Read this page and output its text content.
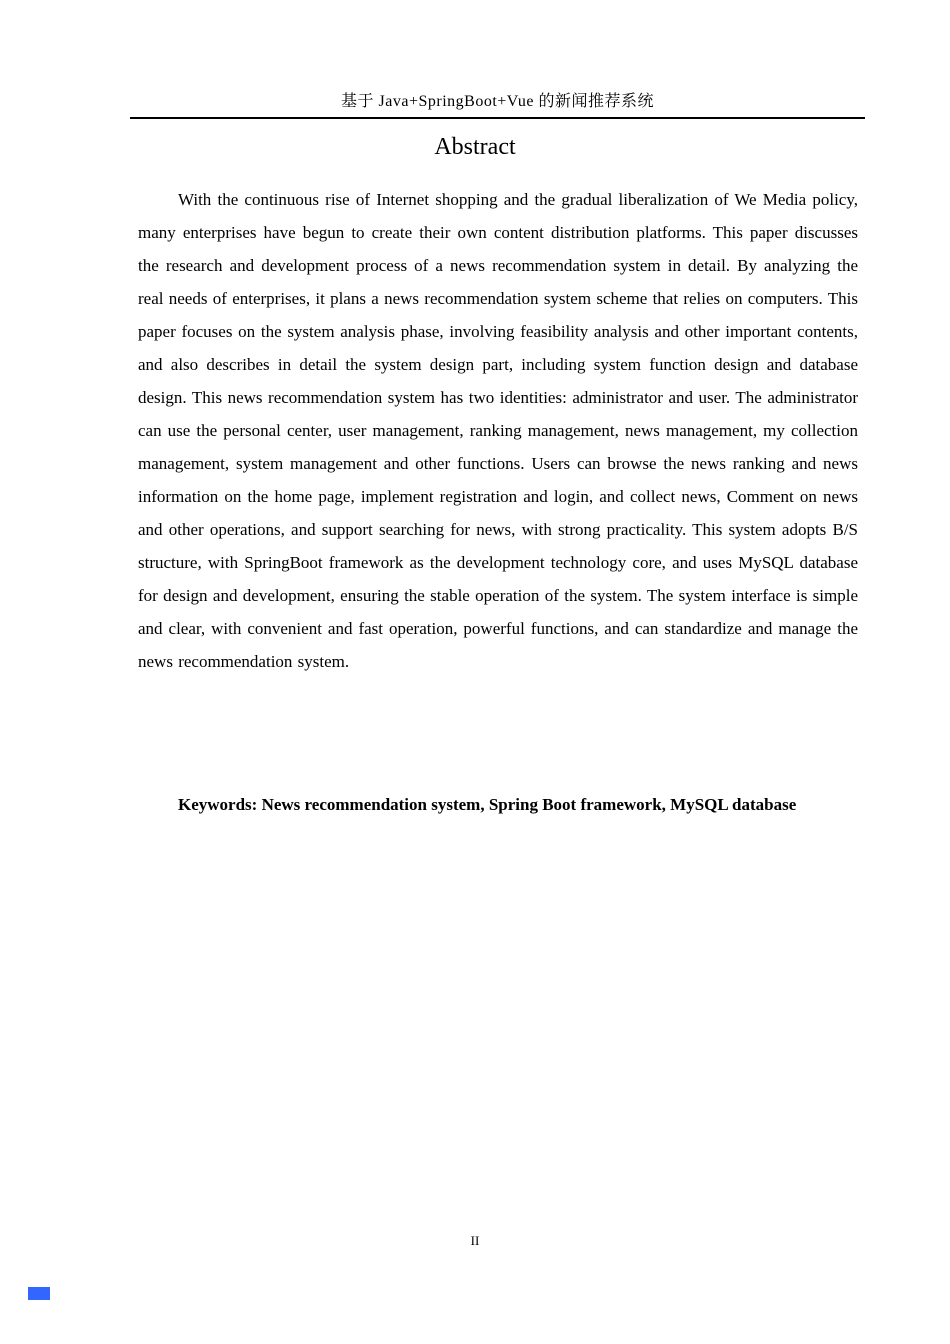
基于 Java+SpringBoot+Vue 的新闻推荐系统
Abstract

With the continuous rise of Internet shopping and the gradual liberalization of We Media policy, many enterprises have begun to create their own content distribution platforms. This paper discusses the research and development process of a news recommendation system in detail. By analyzing the real needs of enterprises, it plans a news recommendation system scheme that relies on computers. This paper focuses on the system analysis phase, involving feasibility analysis and other important contents, and also describes in detail the system design part, including system function design and database design. This news recommendation system has two identities: administrator and user. The administrator can use the personal center, user management, ranking management, news management, my collection management, system management and other functions. Users can browse the news ranking and news information on the home page, implement registration and login, and collect news, Comment on news and other operations, and support searching for news, with strong practicality. This system adopts B/S structure, with SpringBoot framework as the development technology core, and uses MySQL database for design and development, ensuring the stable operation of the system. The system interface is simple and clear, with convenient and fast operation, powerful functions, and can standardize and manage the news recommendation system.

Keywords: News recommendation system, Spring Boot framework, MySQL database

II
